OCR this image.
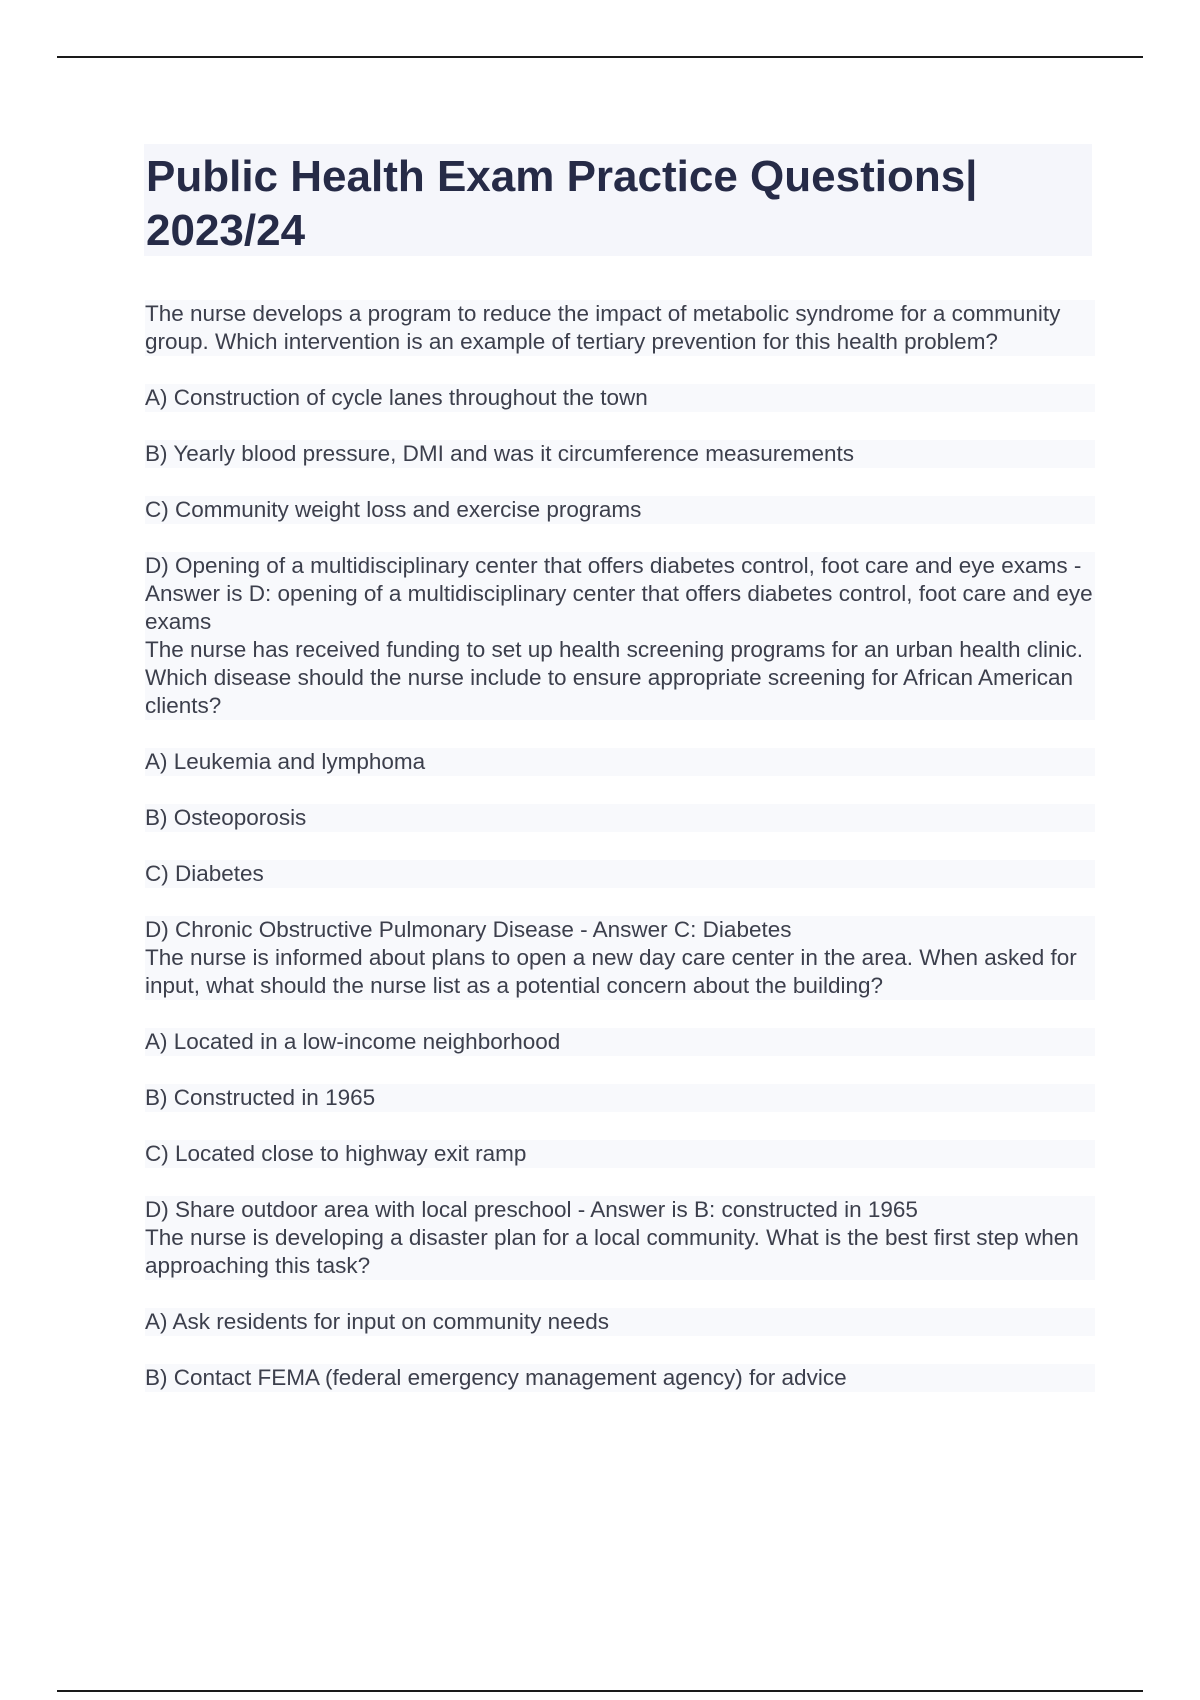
Public Health Exam Practice Questions|
2023/24

The nurse develops a program to reduce the impact of metabolic syndrome for a community group. Which intervention is an example of tertiary prevention for this health problem?

A) Construction of cycle lanes throughout the town

B) Yearly blood pressure, DMI and was it circumference measurements

C) Community weight loss and exercise programs

D) Opening of a multidisciplinary center that offers diabetes control, foot care and eye exams - Answer is D: opening of a multidisciplinary center that offers diabetes control, foot care and eye exams

The nurse has received funding to set up health screening programs for an urban health clinic. Which disease should the nurse include to ensure appropriate screening for African American clients?

A) Leukemia and lymphoma

B) Osteoporosis

C) Diabetes

D) Chronic Obstructive Pulmonary Disease - Answer C: Diabetes

The nurse is informed about plans to open a new day care center in the area. When asked for input, what should the nurse list as a potential concern about the building?

A) Located in a low-income neighborhood

B) Constructed in 1965

C) Located close to highway exit ramp

D) Share outdoor area with local preschool - Answer is B: constructed in 1965

The nurse is developing a disaster plan for a local community. What is the best first step when approaching this task?

A) Ask residents for input on community needs

B) Contact FEMA (federal emergency management agency) for advice
